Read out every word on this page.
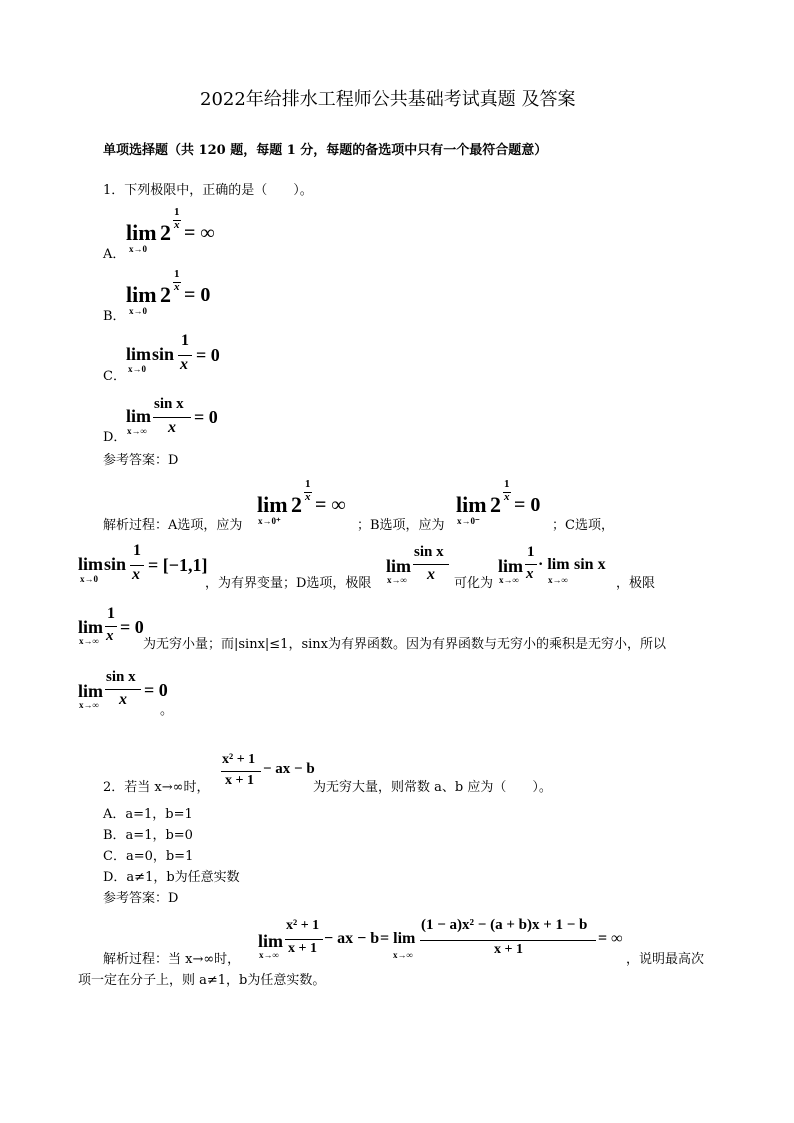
2022年给排水工程师公共基础考试真题 及答案
单项选择题（共 120 题，每题 1 分，每题的备选项中只有一个最符合题意）
1．下列极限中，正确的是（　　）。
A．
lim
x→0
2
1
x = ∞
B．
lim
x→0
2
1
x = 0
C．
lim
x→0
sin
1
x = 0
D．
lim
x→∞
sin x
x
= 0
参考答案：D
解析过程：A选项，应为
lim
x→0⁺
2
1
x = ∞
；B选项，应为
lim
x→0⁻
2
1
x = 0
；C选项，
lim
x→0
sin
1
x = [−1,1]
，为有界变量；D选项，极限
lim
x→∞
sin x
x
可化为
lim
x→∞
1
x
· lim
x→∞
sin x
，极限
lim
x→∞
1
x = 0
为无穷小量；而|sinx|≤1，sinx为有界函数。因为有界函数与无穷小的乘积是无穷小，所以
lim
x→∞
sin x
x = 0
。
2．若当 x→∞时，
x² + 1
x + 1
− ax − b
为无穷大量，则常数 a、b 应为（　　）。
A．a=1，b=1
B．a=1，b=0
C．a=0，b=1
D．a≠1，b为任意实数
参考答案：D
解析过程：当 x→∞时，
lim
x→∞
x² + 1
x + 1
− ax − b = lim
x→∞
(1 − a)x² − (a + b)x + 1 − b
x + 1
= ∞
，说明最高次
项一定在分子上，则 a≠1，b为任意实数。
